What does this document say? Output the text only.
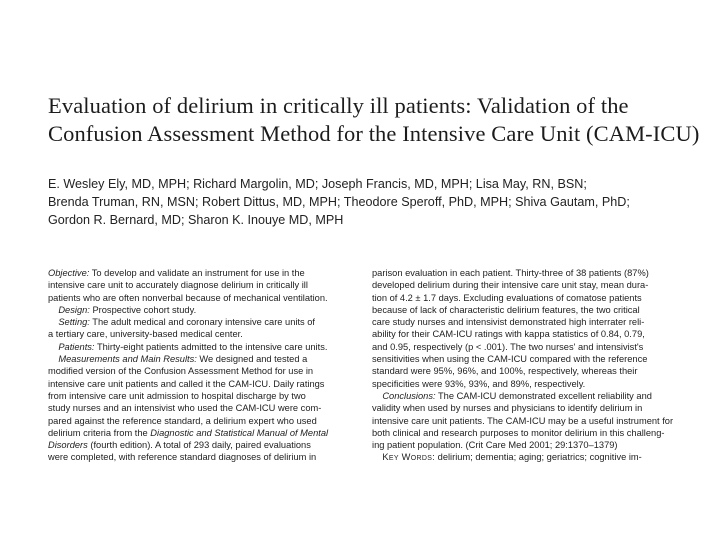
Evaluation of delirium in critically ill patients: Validation of the
Confusion Assessment Method for the Intensive Care Unit (CAM-ICU)
E. Wesley Ely, MD, MPH; Richard Margolin, MD; Joseph Francis, MD, MPH; Lisa May, RN, BSN;
Brenda Truman, RN, MSN; Robert Dittus, MD, MPH; Theodore Speroff, PhD, MPH; Shiva Gautam, PhD;
Gordon R. Bernard, MD; Sharon K. Inouye MD, MPH
Objective: To develop and validate an instrument for use in the
intensive care unit to accurately diagnose delirium in critically ill
patients who are often nonverbal because of mechanical ventilation.
Design: Prospective cohort study.
Setting: The adult medical and coronary intensive care units of
a tertiary care, university-based medical center.
Patients: Thirty-eight patients admitted to the intensive care units.
Measurements and Main Results: We designed and tested a
modified version of the Confusion Assessment Method for use in
intensive care unit patients and called it the CAM-ICU. Daily ratings
from intensive care unit admission to hospital discharge by two
study nurses and an intensivist who used the CAM-ICU were com-
pared against the reference standard, a delirium expert who used
delirium criteria from the Diagnostic and Statistical Manual of Mental
Disorders (fourth edition). A total of 293 daily, paired evaluations
were completed, with reference standard diagnoses of delirium in
parison evaluation in each patient. Thirty-three of 38 patients (87%)
developed delirium during their intensive care unit stay, mean dura-
tion of 4.2 ± 1.7 days. Excluding evaluations of comatose patients
because of lack of characteristic delirium features, the two critical
care study nurses and intensivist demonstrated high interrater reli-
ability for their CAM-ICU ratings with kappa statistics of 0.84, 0.79,
and 0.95, respectively (p < .001). The two nurses' and intensivist's
sensitivities when using the CAM-ICU compared with the reference
standard were 95%, 96%, and 100%, respectively, whereas their
specificities were 93%, 93%, and 89%, respectively.
Conclusions: The CAM-ICU demonstrated excellent reliability and
validity when used by nurses and physicians to identify delirium in
intensive care unit patients. The CAM-ICU may be a useful instrument for
both clinical and research purposes to monitor delirium in this challeng-
ing patient population. (Crit Care Med 2001; 29:1370–1379)
Key Words: delirium; dementia; aging; geriatrics; cognitive im-
